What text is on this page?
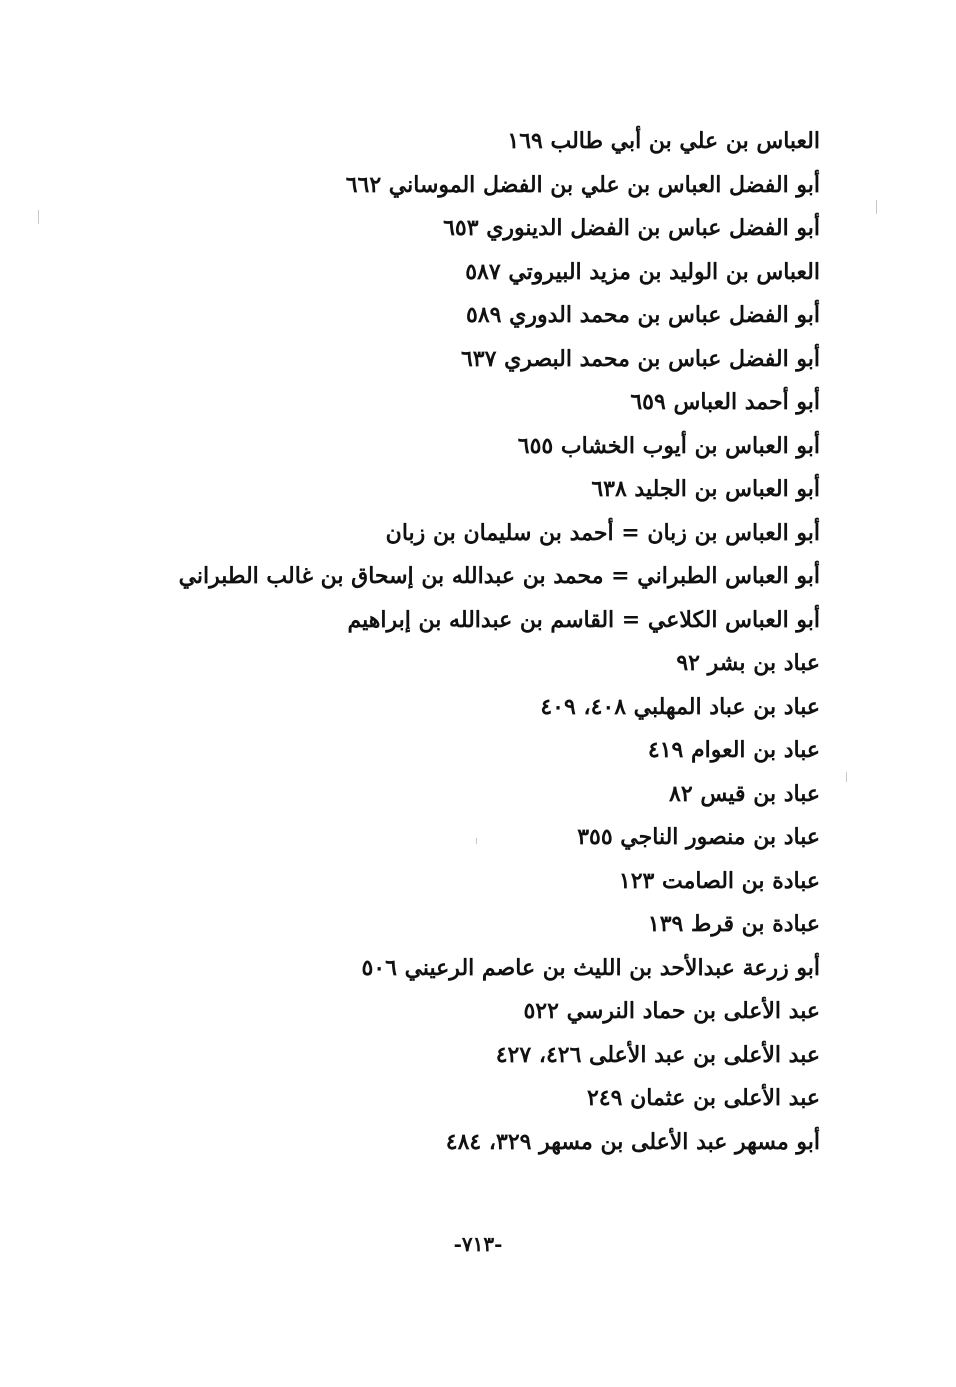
العباس بن علي بن أبي طالب ١٦٩
أبو الفضل العباس بن علي بن الفضل الموساني ٦٦٢
أبو الفضل عباس بن الفضل الدينوري ٦٥٣
العباس بن الوليد بن مزيد البيروتي ٥٨٧
أبو الفضل عباس بن محمد الدوري ٥٨٩
أبو الفضل عباس بن محمد البصري ٦٣٧
أبو أحمد العباس ٦٥٩
أبو العباس بن أيوب الخشاب ٦٥٥
أبو العباس بن الجليد ٦٣٨
أبو العباس بن زبان = أحمد بن سليمان بن زبان
أبو العباس الطبراني = محمد بن عبدالله بن إسحاق بن غالب الطبراني
أبو العباس الكلاعي = القاسم بن عبدالله بن إبراهيم
عباد بن بشر ٩٢
عباد بن عباد المهلبي ٤٠٨، ٤٠٩
عباد بن العوام ٤١٩
عباد بن قيس ٨٢
عباد بن منصور الناجي ٣٥٥
عبادة بن الصامت ١٢٣
عبادة بن قرط ١٣٩
أبو زرعة عبدالأحد بن الليث بن عاصم الرعيني ٥٠٦
عبد الأعلى بن حماد النرسي ٥٢٢
عبد الأعلى بن عبد الأعلى ٤٢٦، ٤٢٧
عبد الأعلى بن عثمان ٢٤٩
أبو مسهر عبد الأعلى بن مسهر ٣٢٩، ٤٨٤
-٧١٣-
